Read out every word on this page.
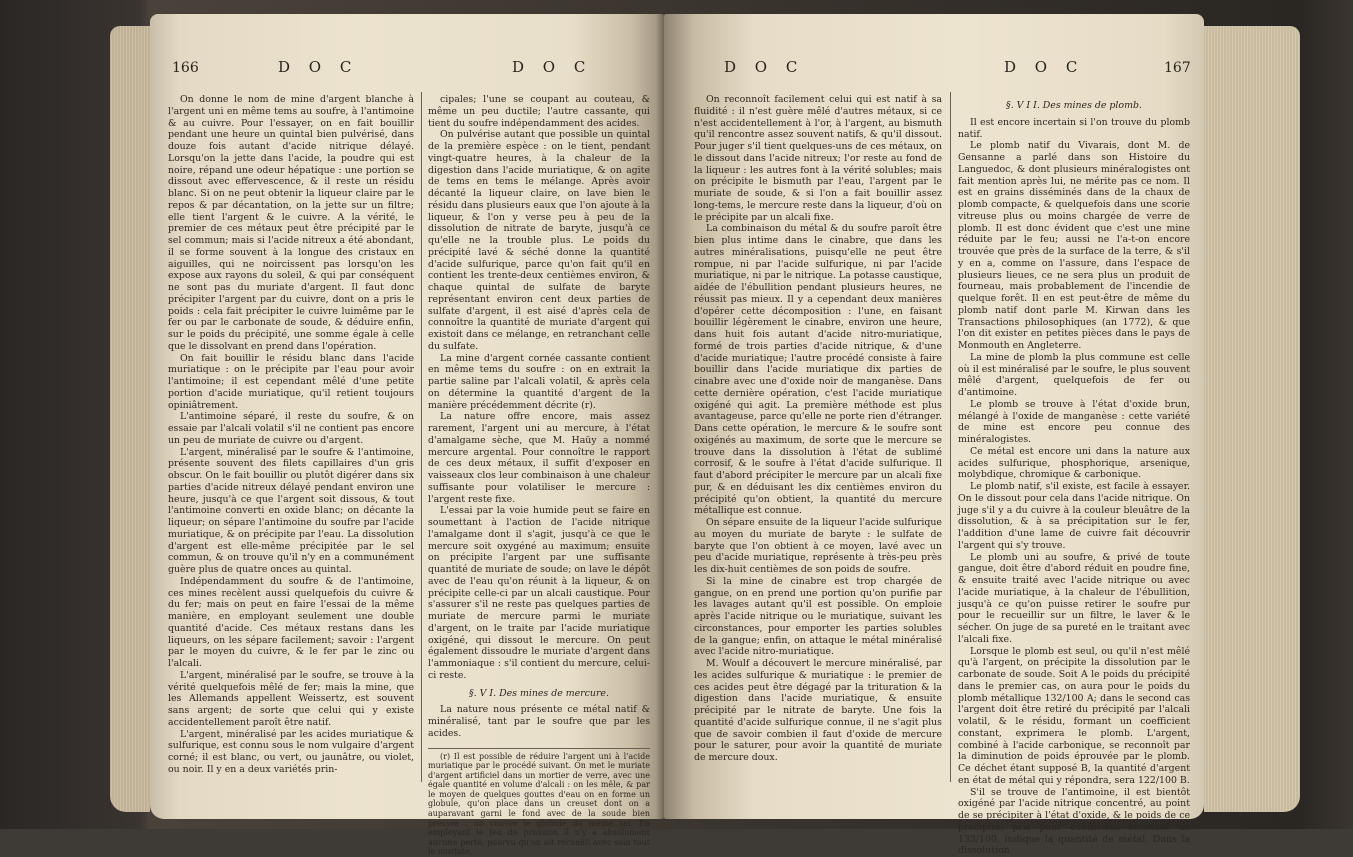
166	D O C	D O C

On donne le nom de mine d'argent blanche à l'argent uni en même tems au soufre, à l'antimoine & au cuivre. Pour l'essayer, on en fait bouillir pendant une heure un quintal bien pulvérisé, dans douze fois autant d'acide nitrique délayé. Lorsqu'on la jette dans l'acide, la poudre qui est noire, répand une odeur hépatique : une portion se dissout avec effervescence, & il reste un résidu blanc. Si on ne peut obtenir la liqueur claire par le repos & par décantation, on la jette sur un filtre; elle tient l'argent & le cuivre. A la vérité, le premier de ces métaux peut être précipité par le sel commun; mais si l'acide nitreux a été abondant, il se forme souvent à la longue des cristaux en aiguilles, qui ne noircissent pas lorsqu'on les expose aux rayons du soleil, & qui par conséquent ne sont pas du muriate d'argent. Il faut donc précipiter l'argent par du cuivre, dont on a pris le poids : cela fait précipiter le cuivre luimême par le fer ou par le carbonate de soude, & déduire enfin, sur le poids du précipité, une somme égale à celle que le dissolvant en prend dans l'opération.

On fait bouillir le résidu blanc dans l'acide muriatique : on le précipite par l'eau pour avoir l'antimoine; il est cependant mêlé d'une petite portion d'acide muriatique, qu'il retient toujours opiniâtrement.

L'antimoine séparé, il reste du soufre, & on essaie par l'alcali volatil s'il ne contient pas encore un peu de muriate de cuivre ou d'argent.

L'argent, minéralisé par le soufre & l'antimoine, présente souvent des filets capillaires d'un gris obscur. On le fait bouillir ou plutôt digérer dans six parties d'acide nitreux délayé pendant environ une heure, jusqu'à ce que l'argent soit dissous, & tout l'antimoine converti en oxide blanc; on décante la liqueur; on sépare l'antimoine du soufre par l'acide muriatique, & on précipite par l'eau. La dissolution d'argent est elle-même précipitée par le sel commun, & on trouve qu'il n'y en a communément guère plus de quatre onces au quintal.

Indépendamment du soufre & de l'antimoine, ces mines recèlent aussi quelquefois du cuivre & du fer; mais on peut en faire l'essai de la même manière, en employant seulement une double quantité d'acide. Ces métaux restans dans les liqueurs, on les sépare facilement; savoir : l'argent par le moyen du cuivre, & le fer par le zinc ou l'alcali.

L'argent, minéralisé par le soufre, se trouve à la vérité quelquefois mêlé de fer; mais la mine, que les Allemands appellent Weissertz, est souvent sans argent; de sorte que celui qui y existe accidentellement paroît être natif.

L'argent, minéralisé par les acides muriatique & sulfurique, est connu sous le nom vulgaire d'argent corné; il est blanc, ou vert, ou jaunâtre, ou violet, ou noir. Il y en a deux variétés prin-

cipales; l'une se coupant au couteau, & même un peu ductile; l'autre cassante, qui tient du soufre indépendamment des acides.

On pulvérise autant que possible un quintal de la première espèce : on le tient, pendant vingt-quatre heures, à la chaleur de la digestion dans l'acide muriatique, & on agite de tems en tems le mélange. Après avoir décanté la liqueur claire, on lave bien le résidu dans plusieurs eaux que l'on ajoute à la liqueur, & l'on y verse peu à peu de la dissolution de nitrate de baryte, jusqu'à ce qu'elle ne la trouble plus. Le poids du précipité lavé & séché donne la quantité d'acide sulfurique, parce qu'on fait qu'il en contient les trente-deux centièmes environ, & chaque quintal de sulfate de baryte représentant environ cent deux parties de sulfate d'argent, il est aisé d'après cela de connoître la quantité de muriate d'argent qui existoit dans ce mélange, en retranchant celle du sulfate.

La mine d'argent cornée cassante contient en même tems du soufre : on en extrait la partie saline par l'alcali volatil, & après cela on détermine la quantité d'argent de la manière précédemment décrite (r).

La nature offre encore, mais assez rarement, l'argent uni au mercure, à l'état d'amalgame sèche, que M. Haüy a nommé mercure argental. Pour connoître le rapport de ces deux métaux, il suffit d'exposer en vaisseaux clos leur combinaison à une chaleur suffisante pour volatiliser le mercure : l'argent reste fixe.

L'essai par la voie humide peut se faire en soumettant à l'action de l'acide nitrique l'amalgame dont il s'agit, jusqu'à ce que le mercure soit oxygéné au maximum; ensuite on précipite l'argent par une suffisante quantité de muriate de soude; on lave le dépôt avec de l'eau qu'on réunit à la liqueur, & on précipite celle-ci par un alcali caustique. Pour s'assurer s'il ne reste pas quelques parties de muriate de mercure parmi le muriate d'argent, on le traite par l'acide muriatique oxigéné, qui dissout le mercure. On peut également dissoudre le muriate d'argent dans l'ammoniaque : s'il contient du mercure, celui-ci reste.

§. V I. Des mines de mercure.

La nature nous présente ce métal natif & minéralisé, tant par le soufre que par les acides.

(r) Il est possible de réduire l'argent uni à l'acide muriatique par le procédé suivant. On met le muriate d'argent artificiel dans un mortier de verre, avec une égale quantité en volume d'alcali : on les mêle, & par le moyen de quelques gouttes d'eau on en forme un globule, qu'on place dans un creuset dont on a auparavant garni le fond avec de la soude bien pressée : on couvre le globule du même sel. En employant le feu de prussion il n'y a absolument aucune perte, pourvu qu'on ait recueilli avec soin tout le muriate.

D O C	D O C	167

On reconnoît facilement celui qui est natif à sa fluidité : il n'est guère mêlé d'autres métaux, si ce n'est accidentellement à l'or, à l'argent, au bismuth qu'il rencontre assez souvent natifs, & qu'il dissout. Pour juger s'il tient quelques-uns de ces métaux, on le dissout dans l'acide nitreux; l'or reste au fond de la liqueur : les autres font à la vérité solubles; mais on précipite le bismuth par l'eau, l'argent par le muriate de soude, & si l'on a fait bouillir assez long-tems, le mercure reste dans la liqueur, d'où on le précipite par un alcali fixe.

La combinaison du métal & du soufre paroît être bien plus intime dans le cinabre, que dans les autres minéralisations, puisqu'elle ne peut être rompue, ni par l'acide sulfurique, ni par l'acide muriatique, ni par le nitrique. La potasse caustique, aidée de l'ébullition pendant plusieurs heures, ne réussit pas mieux. Il y a cependant deux manières d'opérer cette décomposition : l'une, en faisant bouillir légèrement le cinabre, environ une heure, dans huit fois autant d'acide nitro-muriatique, formé de trois parties d'acide nitrique, & d'une d'acide muriatique; l'autre procédé consiste à faire bouillir dans l'acide muriatique dix parties de cinabre avec une d'oxide noir de manganèse. Dans cette dernière opération, c'est l'acide muriatique oxigéné qui agit. La première méthode est plus avantageuse, parce qu'elle ne porte rien d'étranger. Dans cette opération, le mercure & le soufre sont oxigénés au maximum, de sorte que le mercure se trouve dans la dissolution à l'état de sublimé corrosif, & le soufre à l'état d'acide sulfurique. Il faut d'abord précipiter le mercure par un alcali fixe pur, & en déduisant les dix centièmes environ du précipité qu'on obtient, la quantité du mercure métallique est connue.

On sépare ensuite de la liqueur l'acide sulfurique au moyen du muriate de baryte : le sulfate de baryte que l'on obtient à ce moyen, lavé avec un peu d'acide muriatique, représente à très-peu près les dix-huit centièmes de son poids de soufre.

Si la mine de cinabre est trop chargée de gangue, on en prend une portion qu'on purifie par les lavages autant qu'il est possible. On emploie après l'acide nitrique ou le muriatique, suivant les circonstances, pour emporter les parties solubles de la gangue; enfin, on attaque le métal minéralisé avec l'acide nitro-muriatique.

M. Woulf a découvert le mercure minéralisé, par les acides sulfurique & muriatique : le premier de ces acides peut être dégagé par la trituration & la digestion dans l'acide muriatique, & ensuite précipité par le nitrate de baryte. Une fois la quantité d'acide sulfurique connue, il ne s'agit plus que de savoir combien il faut d'oxide de mercure pour le saturer, pour avoir la quantité de muriate de mercure doux.

§. V I I. Des mines de plomb.

Il est encore incertain si l'on trouve du plomb natif.

Le plomb natif du Vivarais, dont M. de Gensanne a parlé dans son Histoire du Languedoc, & dont plusieurs minéralogistes ont fait mention après lui, ne mérite pas ce nom. Il est en grains disséminés dans de la chaux de plomb compacte, & quelquefois dans une scorie vitreuse plus ou moins chargée de verre de plomb. Il est donc évident que c'est une mine réduite par le feu; aussi ne l'a-t-on encore trouvée que près de la surface de la terre, & s'il y en a, comme on l'assure, dans l'espace de plusieurs lieues, ce ne sera plus un produit de fourneau, mais probablement de l'incendie de quelque forêt. Il en est peut-être de même du plomb natif dont parle M. Kirwan dans les Transactions philosophiques (an 1772), & que l'on dit exister en petites pièces dans le pays de Monmouth en Angleterre.

La mine de plomb la plus commune est celle où il est minéralisé par le soufre, le plus souvent mêlé d'argent, quelquefois de fer ou d'antimoine.

Le plomb se trouve à l'état d'oxide brun, mélangé à l'oxide de manganèse : cette variété de mine est encore peu connue des minéralogistes.

Ce métal est encore uni dans la nature aux acides sulfurique, phosphorique, arsenique, molybdique, chromique & carbonique.

Le plomb natif, s'il existe, est facile à essayer. On le dissout pour cela dans l'acide nitrique. On juge s'il y a du cuivre à la couleur bleuâtre de la dissolution, & à sa précipitation sur le fer, l'addition d'une lame de cuivre fait découvrir l'argent qui s'y trouve.

Le plomb uni au soufre, & privé de toute gangue, doit être d'abord réduit en poudre fine, & ensuite traité avec l'acide nitrique ou avec l'acide muriatique, à la chaleur de l'ébullition, jusqu'à ce qu'on puisse retirer le soufre pur pour le recueillir sur un filtre, le laver & le sécher. On juge de sa pureté en le traitant avec l'alcali fixe.

Lorsque le plomb est seul, ou qu'il n'est mêlé qu'à l'argent, on précipite la dissolution par le carbonate de soude. Soit A le poids du précipité dans le premier cas, on aura pour le poids du plomb métallique 132/100 A; dans le second cas l'argent doit être retiré du précipité par l'alcali volatil, & le résidu, formant un coefficient constant, exprimera le plomb. L'argent, combiné à l'acide carbonique, se reconnoît par la diminution de poids éprouvée par le plomb. Ce déchet étant supposé B, la quantité d'argent en état de métal qui y répondra, sera 122/100 B.

S'il se trouve de l'antimoine, il est bientôt oxigéné par l'acide nitrique concentré, au point de se précipiter à l'état d'oxide, & le poids de ce précipité, pris pour coefficient constant de 133/100, indique la quantité de métal. Dans la dissolution
